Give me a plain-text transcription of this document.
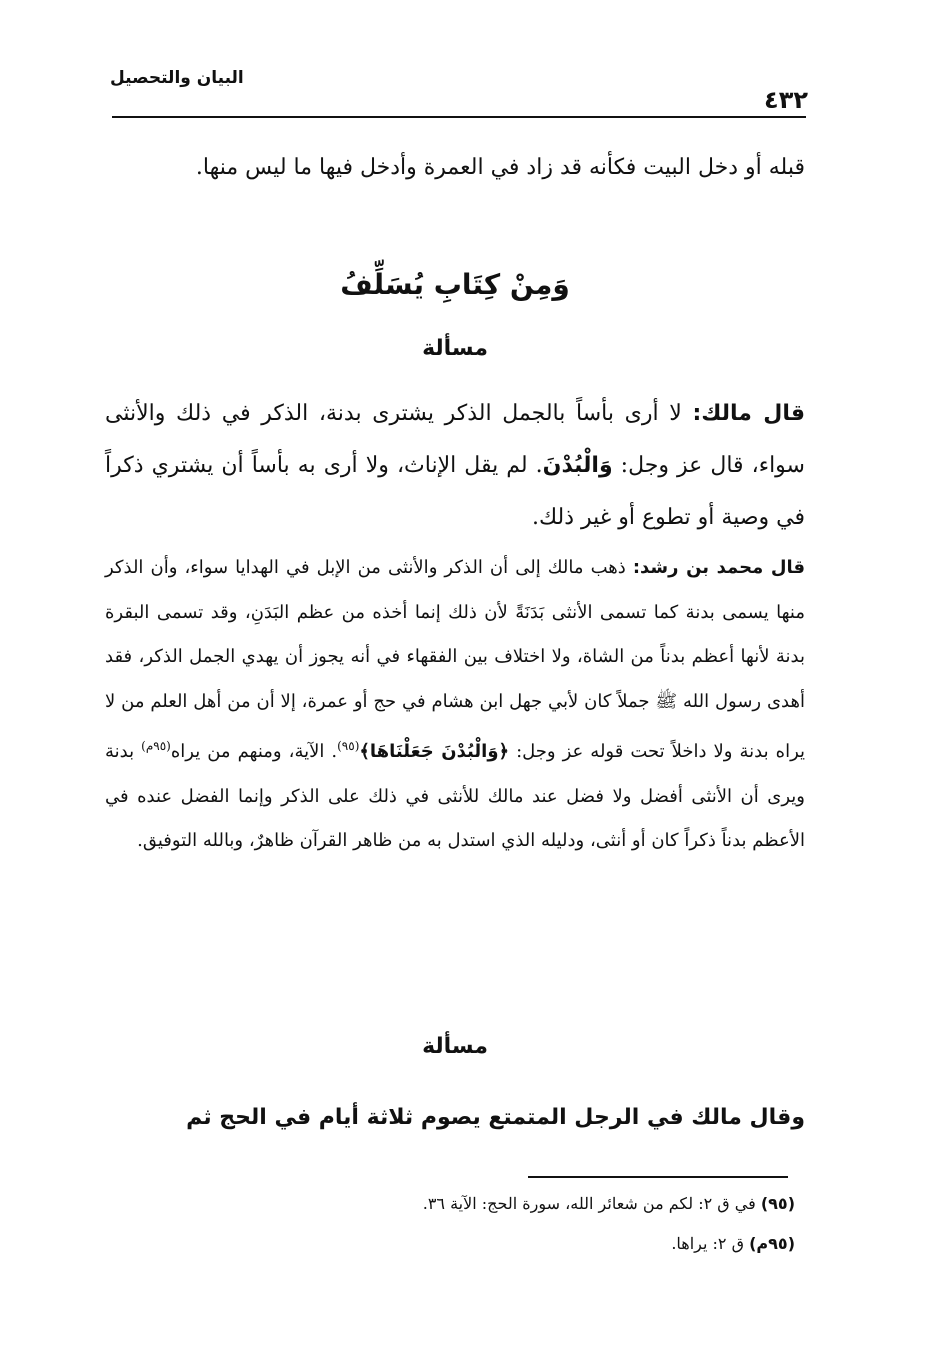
البيان والتحصيل
٤٣٢
قبله أو دخل البيت فكأنه قد زاد في العمرة وأدخل فيها ما ليس منها.
وَمِنْ كِتَابِ يُسَلِّفُ
مسألة
قال مالك: لا أرى بأساً بالجمل الذكر يشترى بدنة، الذكر في ذلك والأنثى سواء، قال عز وجل: وَالْبُدْنَ. لم يقل الإناث، ولا أرى به بأساً أن يشتري ذكراً في وصية أو تطوع أو غير ذلك.
قال محمد بن رشد: ذهب مالك إلى أن الذكر والأنثى من الإبل في الهدايا سواء، وأن الذكر منها يسمى بدنة كما تسمى الأنثى بَدَنَةً لأن ذلك إنما أخذه من عظم البَدَنِ، وقد تسمى البقرة بدنة لأنها أعظم بدناً من الشاة، ولا اختلاف بين الفقهاء في أنه يجوز أن يهدي الجمل الذكر، فقد أهدى رسول الله ﷺ جملاً كان لأبي جهل ابن هشام في حج أو عمرة، إلا أن من أهل العلم من لا يراه بدنة ولا داخلاً تحت قوله عز وجل: ﴿وَالْبُدْنَ جَعَلْنَاهَا﴾$^{(٩٥)}$. الآية، ومنهم من يراه$^{(٩٥م)}$ بدنة ويرى أن الأنثى أفضل ولا فضل عند مالك للأنثى في ذلك على الذكر وإنما الفضل عنده في الأعظم بدناً ذكراً كان أو أنثى، ودليله الذي استدل به من ظاهر القرآن ظاهرٌ، وبالله التوفيق.
مسألة
وقال مالك في الرجل المتمتع يصوم ثلاثة أيام في الحج ثم
(٩٥) في ق ٢: لكم من شعائر الله، سورة الحج: الآية ٣٦.
(٩٥م) ق ٢: يراها.
